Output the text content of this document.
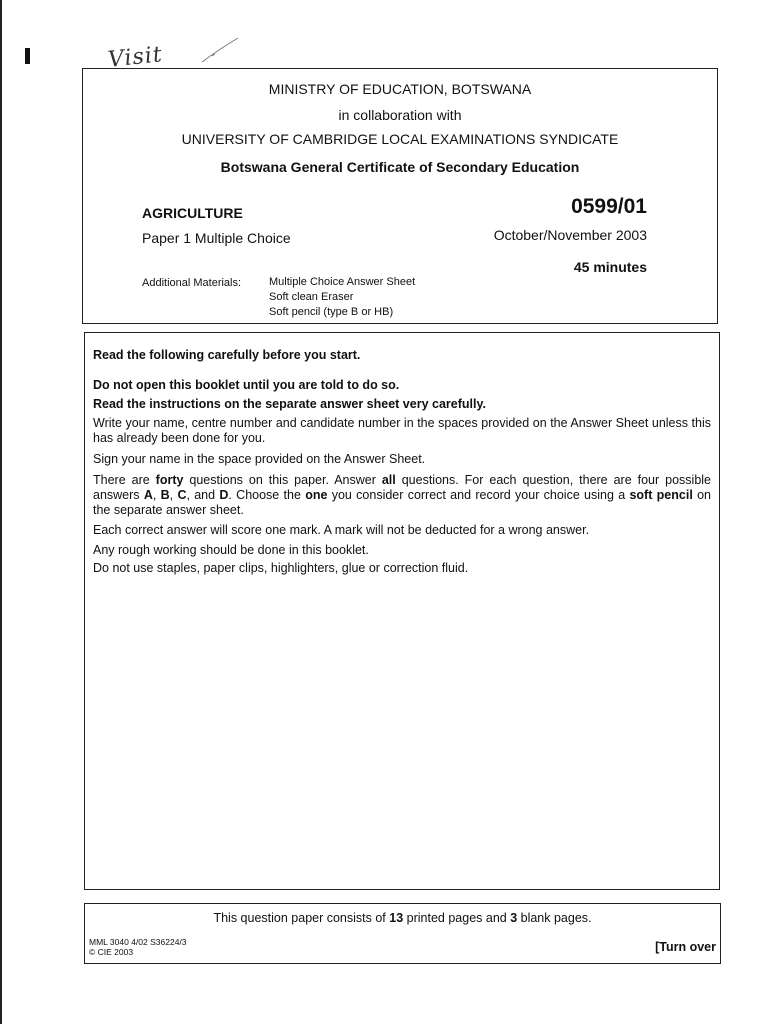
Visit
MINISTRY OF EDUCATION, BOTSWANA
in collaboration with
UNIVERSITY OF CAMBRIDGE LOCAL EXAMINATIONS SYNDICATE
Botswana General Certificate of Secondary Education
AGRICULTURE	0599/01
Paper 1 Multiple Choice	October/November 2003
45 minutes
Additional Materials:	Multiple Choice Answer Sheet
Soft clean Eraser
Soft pencil (type B or HB)
Read the following carefully before you start.
Do not open this booklet until you are told to do so.
Read the instructions on the separate answer sheet very carefully.
Write your name, centre number and candidate number in the spaces provided on the Answer Sheet unless this has already been done for you.
Sign your name in the space provided on the Answer Sheet.
There are forty questions on this paper. Answer all questions. For each question, there are four possible answers A, B, C, and D. Choose the one you consider correct and record your choice using a soft pencil on the separate answer sheet.
Each correct answer will score one mark. A mark will not be deducted for a wrong answer.
Any rough working should be done in this booklet.
Do not use staples, paper clips, highlighters, glue or correction fluid.
This question paper consists of 13 printed pages and 3 blank pages.
MML 3040 4/02 S36224/3
© CIE 2003	[Turn over
